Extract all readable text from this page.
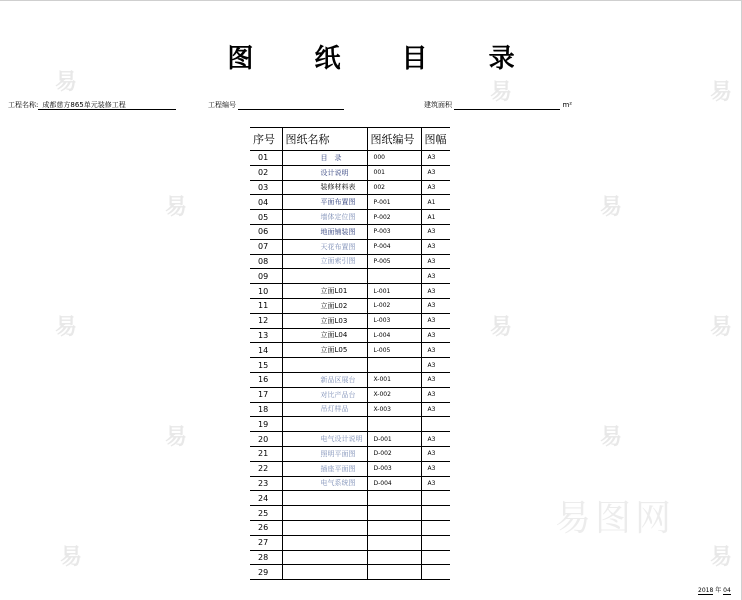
图 纸 目 录
工程名称: 成都慈方865单元装修工程	工程编号	建筑面积	m²
序号	图纸名称	图纸编号	图幅
01	目　录	000	A3
02	设计说明	001	A3
03	装修材料表	002	A3
04	平面布置图	P-001	A1
05	墙体定位图	P-002	A1
06	地面铺装图	P-003	A3
07	天花布置图	P-004	A3
08	立面索引图	P-005	A3
09			A3
10	立面L01	L-001	A3
11	立面L02	L-002	A3
12	立面L03	L-003	A3
13	立面L04	L-004	A3
14	立面L05	L-005	A3
15			A3
16	新品区展台	X-001	A3
17	对比产品台	X-002	A3
18	吊灯样品	X-003	A3
19			
20	电气设计说明	D-001	A3
21	照明平面图	D-002	A3
22	插座平面图	D-003	A3
23	电气系统图	D-004	A3
24			
25			
26			
27			
28			
29			
易
易
易
易
易
易
易
易
易
易
易
易
易图网
2018 年 04
